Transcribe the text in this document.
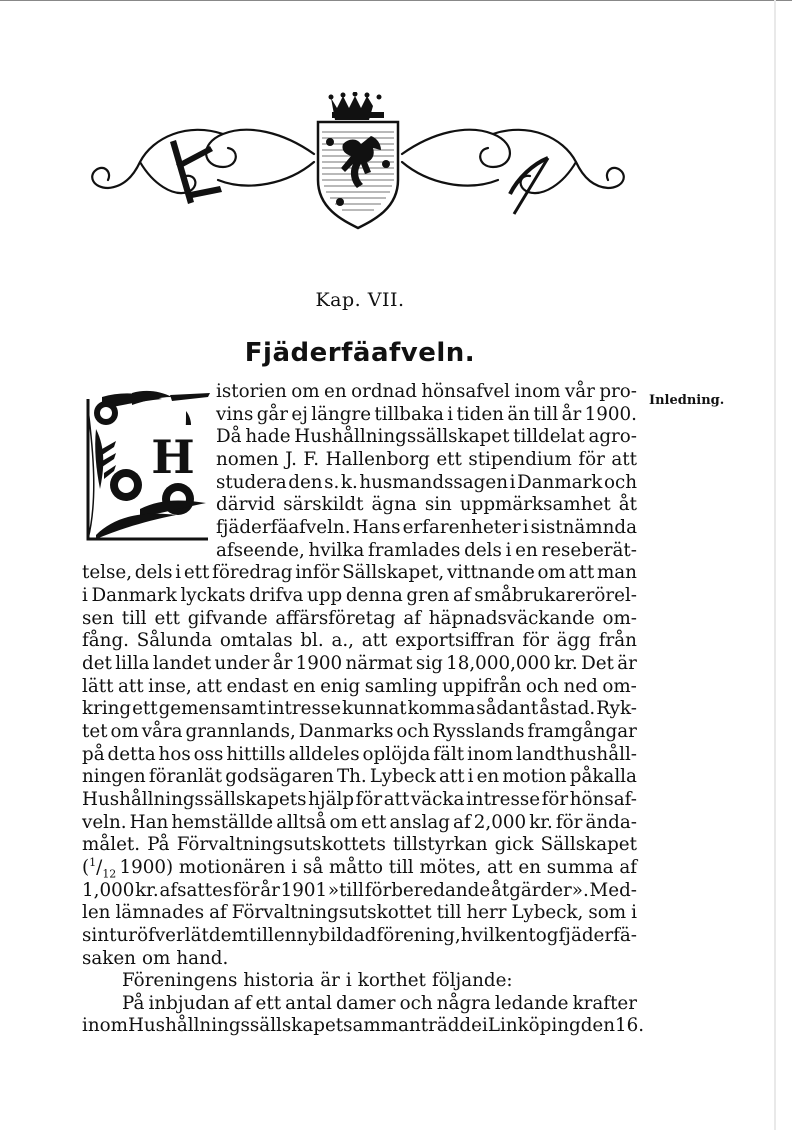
Kap. VII.
Fjäderfäafveln.
Inledning.
H
istorien om en ordnad hönsafvel inom vår pro-
vins går ej längre tillbaka i tiden än till år 1900.
Då hade Hushållningssällskapet tilldelat agro-
nomen J. F. Hallenborg ett stipendium för att
studera den s. k. husmandssagen i Danmark och
därvid särskildt ägna sin uppmärksamhet åt
fjäderfäafveln. Hans erfarenheter i sistnämnda
afseende, hvilka framlades dels i en reseberät-
telse, dels i ett föredrag inför Sällskapet, vittnande om att man
i Danmark lyckats drifva upp denna gren af småbrukarerörel-
sen till ett gifvande affärsföretag af häpnadsväckande om-
fång. Sålunda omtalas bl. a., att exportsiffran för ägg från
det lilla landet under år 1900 närmat sig 18,000,000 kr. Det är
lätt att inse, att endast en enig samling uppifrån och ned om-
kring ett gemensamt intresse kunnat komma sådant åstad. Ryk-
tet om våra grannlands, Danmarks och Rysslands framgångar
på detta hos oss hittills alldeles oplöjda fält inom landthushåll-
ningen föranlät godsägaren Th. Lybeck att i en motion påkalla
Hushållningssällskapets hjälp för att väcka intresse för hönsaf-
veln. Han hemställde alltså om ett anslag af 2,000 kr. för ända-
målet. På Förvaltningsutskottets tillstyrkan gick Sällskapet
($^1/_{12}$ 1900) motionären i så måtto till mötes, att en summa af
1,000 kr. afsattes för år 1901 »till förberedande åtgärder». Med-
len lämnades af Förvaltningsutskottet till herr Lybeck, som i
sin tur öfverlät dem till en nybildad förening, hvilken tog fjäderfä-
saken om hand.
Föreningens historia är i korthet följande:
På inbjudan af ett antal damer och några ledande krafter
inom Hushållningssällskapet sammanträdde i Linköping den 16.
